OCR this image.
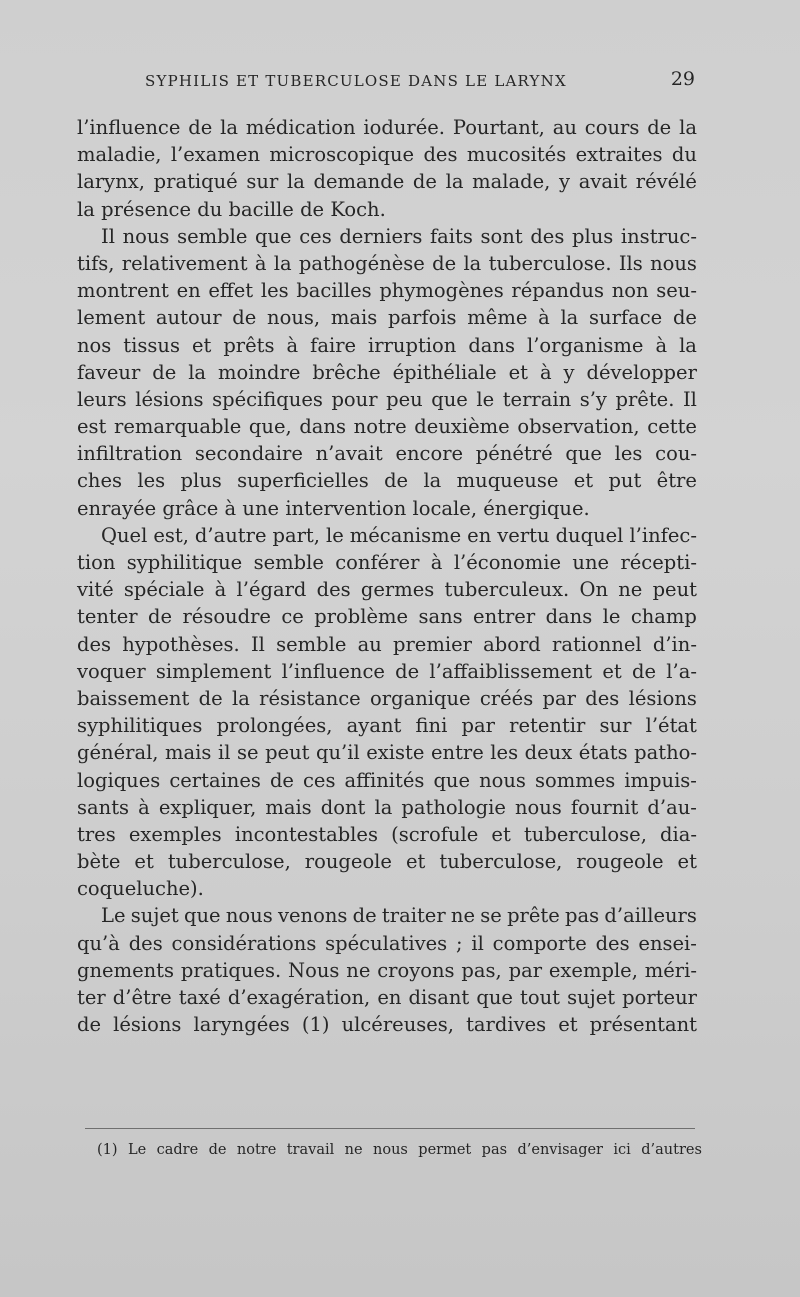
SYPHILIS ET TUBERCULOSE DANS LE LARYNX	29
l’influence de la médication iodurée. Pourtant, au cours de la
maladie, l’examen microscopique des mucosités extraites du
larynx, pratiqué sur la demande de la malade, y avait révélé
la présence du bacille de Koch.
Il nous semble que ces derniers faits sont des plus instruc-
tifs, relativement à la pathogénèse de la tuberculose. Ils nous
montrent en effet les bacilles phymogènes répandus non seu-
lement autour de nous, mais parfois même à la surface de
nos tissus et prêts à faire irruption dans l’organisme à la
faveur de la moindre brêche épithéliale et à y développer
leurs lésions spécifiques pour peu que le terrain s’y prête. Il
est remarquable que, dans notre deuxième observation, cette
infiltration secondaire n’avait encore pénétré que les cou-
ches les plus superficielles de la muqueuse et put être
enrayée grâce à une intervention locale, énergique.
Quel est, d’autre part, le mécanisme en vertu duquel l’infec-
tion syphilitique semble conférer à l’économie une récepti-
vité spéciale à l’égard des germes tuberculeux. On ne peut
tenter de résoudre ce problème sans entrer dans le champ
des hypothèses. Il semble au premier abord rationnel d’in-
voquer simplement l’influence de l’affaiblissement et de l’a-
baissement de la résistance organique créés par des lésions
syphilitiques prolongées, ayant fini par retentir sur l’état
général, mais il se peut qu’il existe entre les deux états patho-
logiques certaines de ces affinités que nous sommes impuis-
sants à expliquer, mais dont la pathologie nous fournit d’au-
tres exemples incontestables (scrofule et tuberculose, dia-
bète et tuberculose, rougeole et tuberculose, rougeole et
coqueluche).
Le sujet que nous venons de traiter ne se prête pas d’ailleurs
qu’à des considérations spéculatives ; il comporte des ensei-
gnements pratiques. Nous ne croyons pas, par exemple, méri-
ter d’être taxé d’exagération, en disant que tout sujet porteur
de lésions laryngées (1) ulcéreuses, tardives et présentant
(1) Le cadre de notre travail ne nous permet pas d’envisager ici d’autres
